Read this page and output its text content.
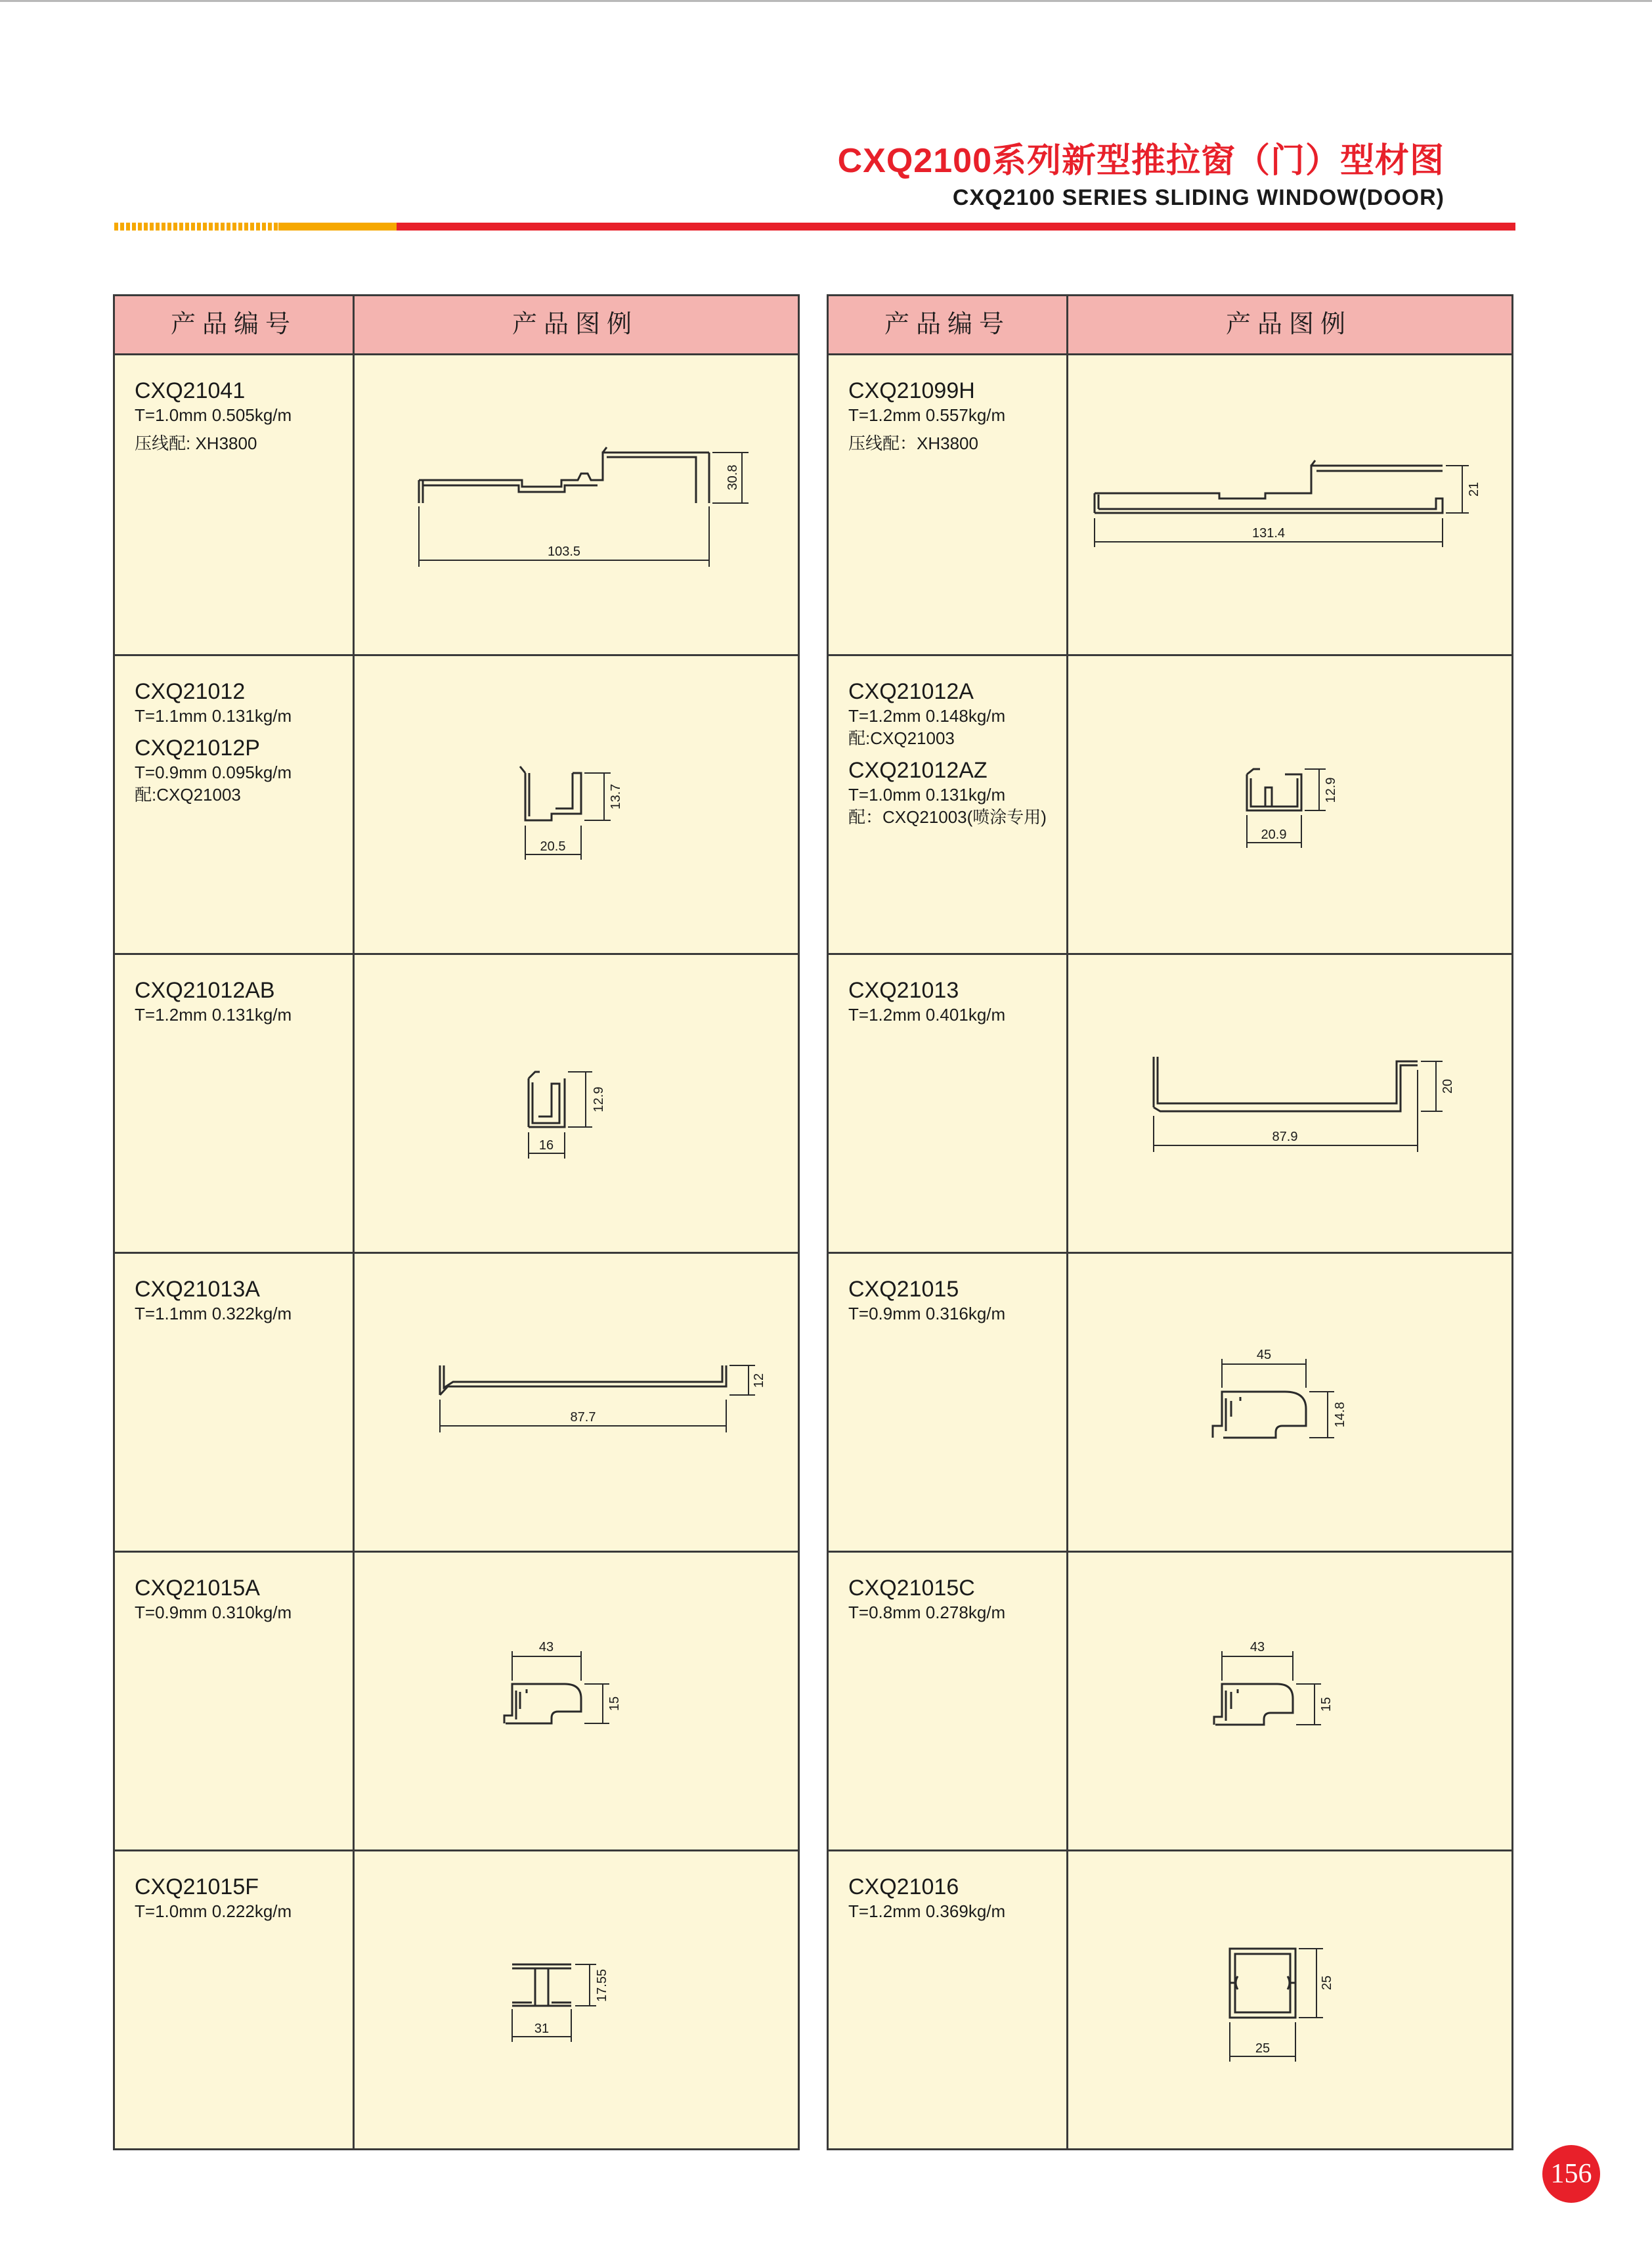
CXQ2100系列新型推拉窗（门）型材图
CXQ2100 SERIES SLIDING WINDOW(DOOR)
产品编号	产品图例
CXQ21041
T=1.0mm 0.505kg/m
压线配: XH3800
103.5
30.8
CXQ21012
T=1.1mm 0.131kg/m
CXQ21012P
T=0.9mm 0.095kg/m
配:CXQ21003
20.5
13.7
CXQ21012AB
T=1.2mm 0.131kg/m
16
12.9
CXQ21013A
T=1.1mm 0.322kg/m
87.7
12
CXQ21015A
T=0.9mm 0.310kg/m
43
15
CXQ21015F
T=1.0mm 0.222kg/m
31
17.55
产品编号	产品图例
CXQ21099H
T=1.2mm 0.557kg/m
压线配：XH3800
131.4
21
CXQ21012A
T=1.2mm 0.148kg/m
配:CXQ21003
CXQ21012AZ
T=1.0mm 0.131kg/m
配：CXQ21003(喷涂专用)
20.9
12.9
CXQ21013
T=1.2mm 0.401kg/m
87.9
20
CXQ21015
T=0.9mm 0.316kg/m
45
14.8
CXQ21015C
T=0.8mm 0.278kg/m
43
15
CXQ21016
T=1.2mm 0.369kg/m
25
25
156
